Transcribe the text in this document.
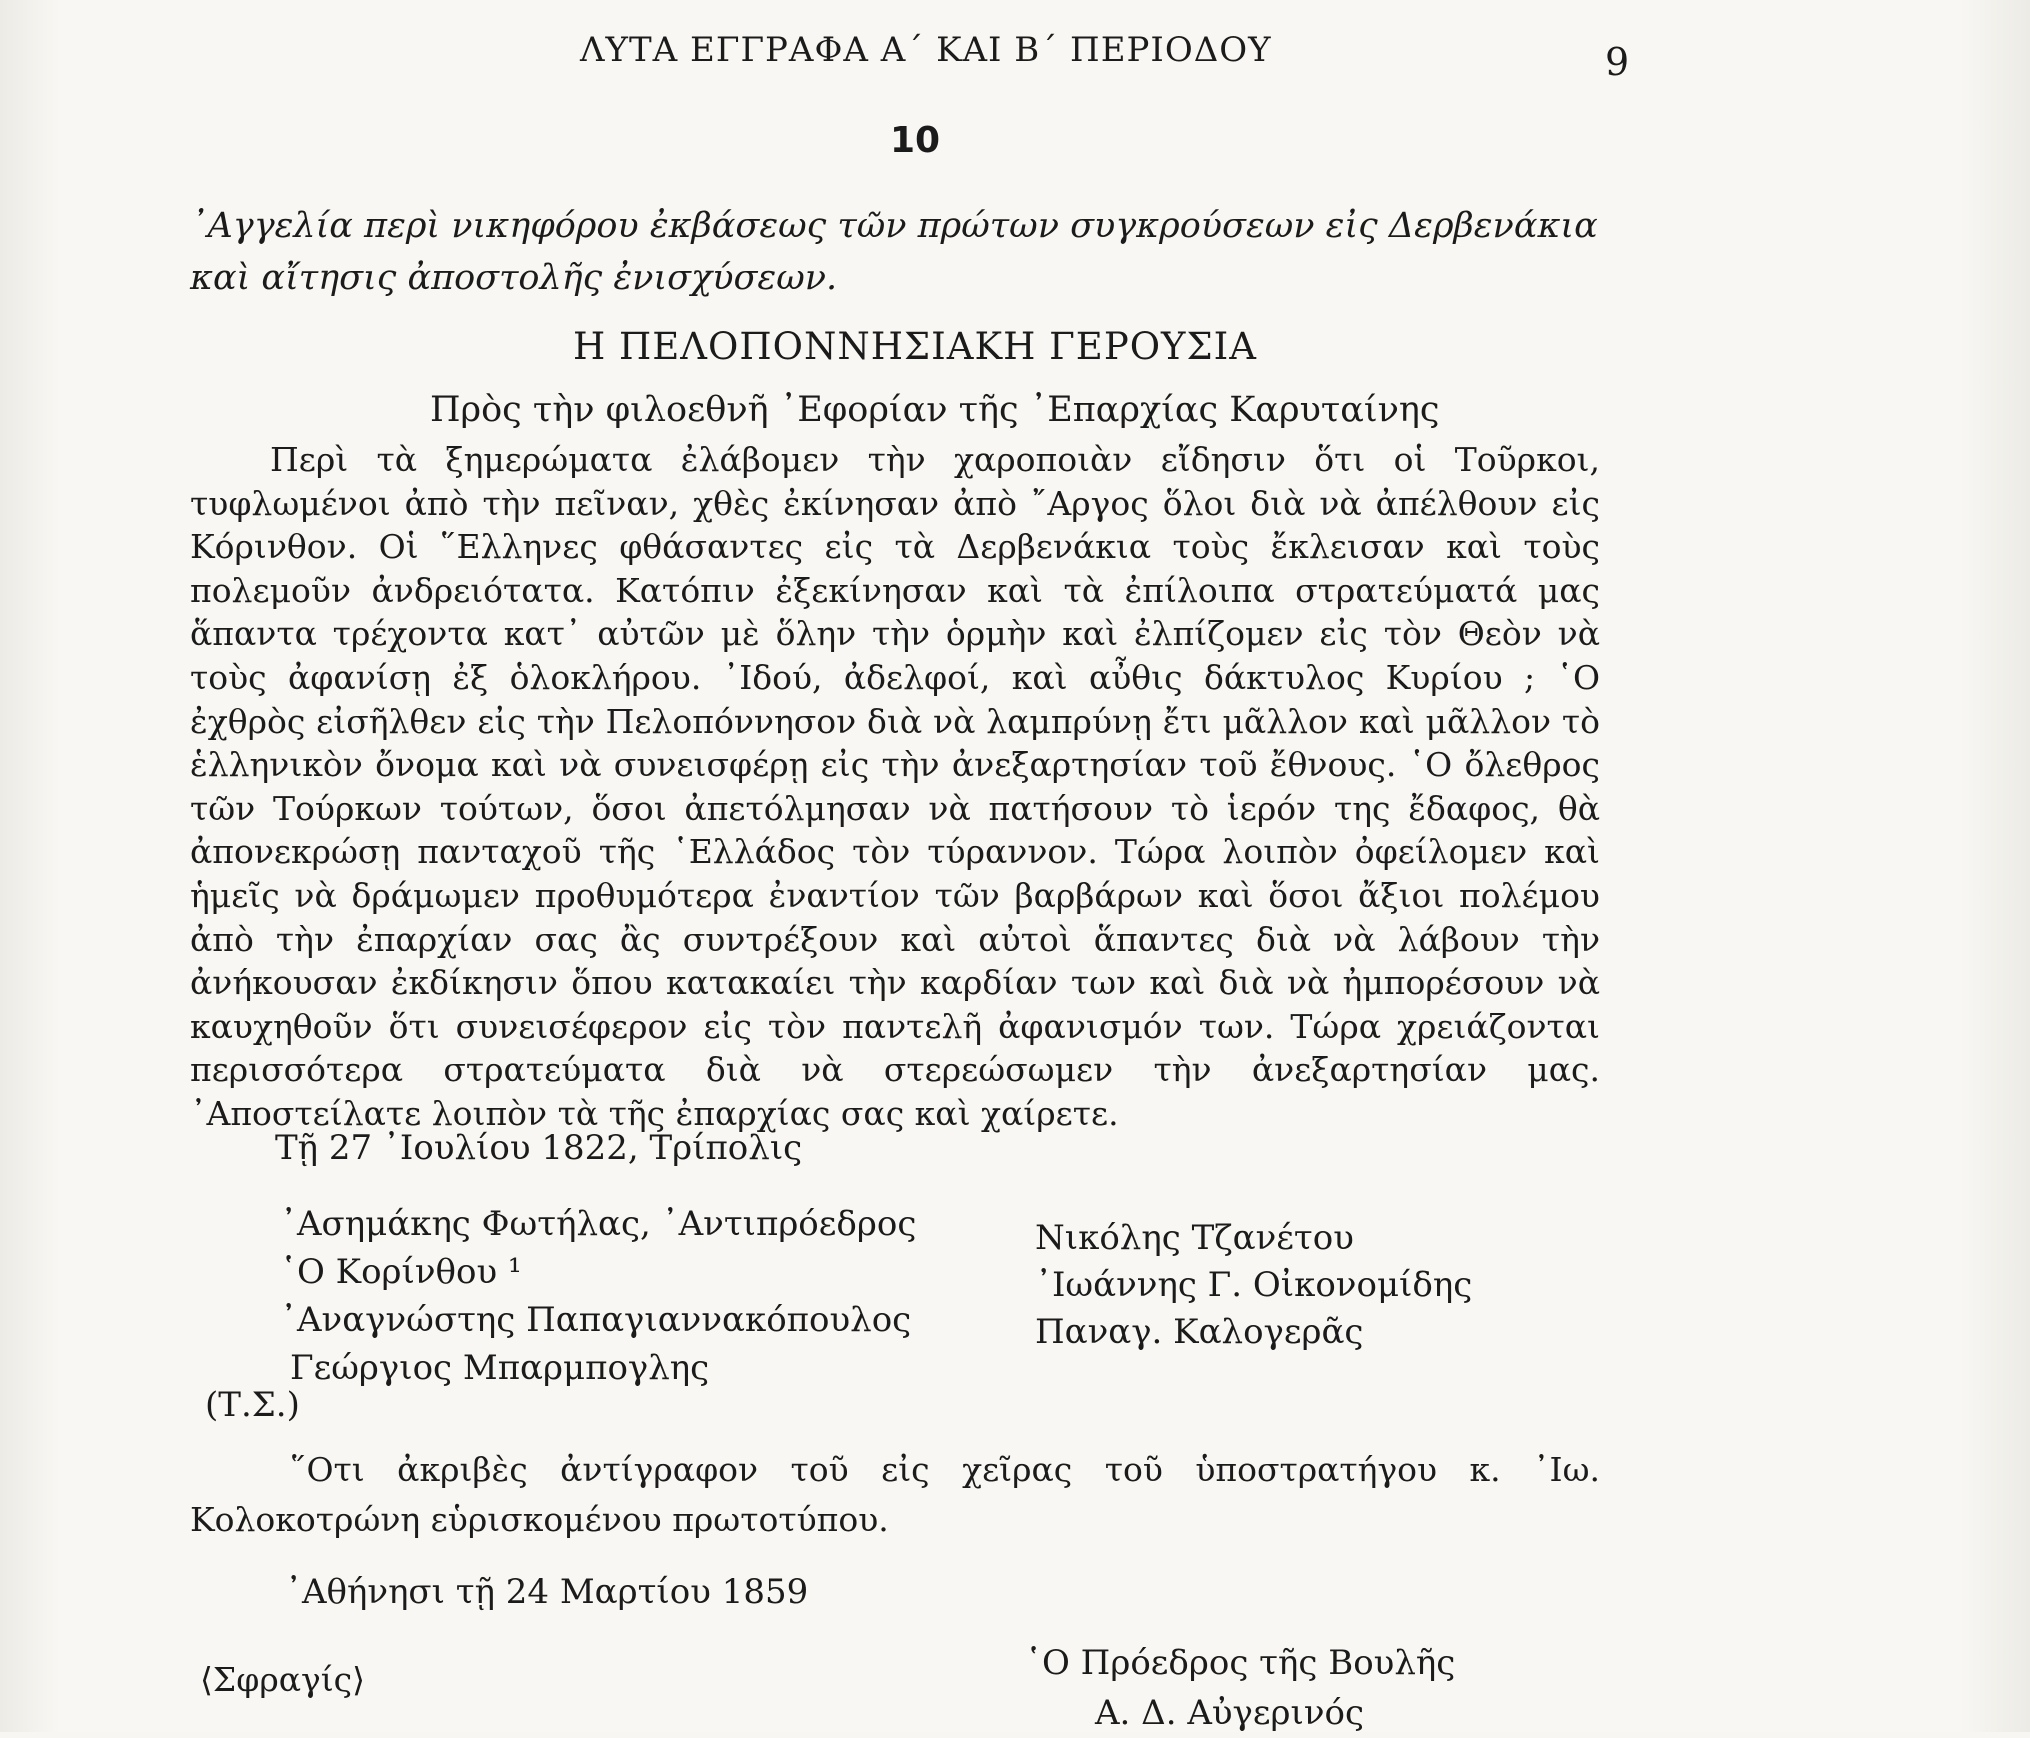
ΛΥΤΑ ΕΓΓΡΑΦΑ Α΄ ΚΑΙ Β΄ ΠΕΡΙΟΔΟΥ	9
10
᾿Αγγελία περὶ νικηφόρου ἐκβάσεως τῶν πρώτων συγκρούσεων εἰς Δερβενάκια καὶ αἴτησις ἀποστολῆς ἐνισχύσεων.
Η ΠΕΛΟΠΟΝΝΗΣΙΑΚΗ ΓΕΡΟΥΣΙΑ
Πρὸς τὴν φιλοεθνῆ ᾿Εφορίαν τῆς ᾿Επαρχίας Καρυταίνης

Περὶ τὰ ξημερώματα ἐλάβομεν τὴν χαροποιὰν εἴδησιν ὅτι οἱ Τοῦρκοι, τυφλωμένοι ἀπὸ τὴν πεῖναν, χθὲς ἐκίνησαν ἀπὸ ῎Αργος ὅλοι διὰ νὰ ἀπέλθουν εἰς Κόρινθον. Οἱ ῞Ελληνες φθάσαντες εἰς τὰ Δερβενάκια τοὺς ἔκλεισαν καὶ τοὺς πολεμοῦν ἀνδρειότατα. Κατόπιν ἐξεκίνησαν καὶ τὰ ἐπίλοιπα στρατεύματά μας ἅπαντα τρέχοντα κατ᾿ αὐτῶν μὲ ὅλην τὴν ὁρμὴν καὶ ἐλπίζομεν εἰς τὸν Θεὸν νὰ τοὺς ἀφανίσῃ ἐξ ὁλοκλήρου. ᾿Ιδού, ἀδελφοί, καὶ αὖθις δάκτυλος Κυρίου ; ῾Ο ἐχθρὸς εἰσῆλθεν εἰς τὴν Πελοπόννησον διὰ νὰ λαμπρύνῃ ἔτι μᾶλλον καὶ μᾶλλον τὸ ἑλληνικὸν ὄνομα καὶ νὰ συνεισφέρῃ εἰς τὴν ἀνεξαρτησίαν τοῦ ἔθνους. ῾Ο ὄλεθρος τῶν Τούρκων τούτων, ὅσοι ἀπετόλμησαν νὰ πατήσουν τὸ ἱερόν της ἔδαφος, θὰ ἀπονεκρώσῃ πανταχοῦ τῆς ῾Ελλάδος τὸν τύραννον. Τώρα λοιπὸν ὀφείλομεν καὶ ἡμεῖς νὰ δράμωμεν προθυμότερα ἐναντίον τῶν βαρβάρων καὶ ὅσοι ἄξιοι πολέμου ἀπὸ τὴν ἐπαρχίαν σας ἂς συντρέξουν καὶ αὐτοὶ ἅπαντες διὰ νὰ λάβουν τὴν ἀνήκουσαν ἐκδίκησιν ὅπου κατακαίει τὴν καρδίαν των καὶ διὰ νὰ ἠμπορέσουν νὰ καυχηθοῦν ὅτι συνεισέφερον εἰς τὸν παντελῆ ἀφανισμόν των. Τώρα χρειάζονται περισσότερα στρατεύματα διὰ νὰ στερεώσωμεν τὴν ἀνεξαρτησίαν μας. ᾿Αποστείλατε λοιπὸν τὰ τῆς ἐπαρχίας σας καὶ χαίρετε.

Τῇ 27 ᾿Ιουλίου 1822, Τρίπολις
᾿Ασημάκης Φωτήλας, ᾿Αντιπρόεδρος
῾Ο Κορίνθου ¹
᾿Αναγνώστης Παπαγιαννακόπουλος
Γεώργιος Μπαρμπογλης
Νικόλης Τζανέτου
᾿Ιωάννης Γ. Οἰκονομίδης
Παναγ. Καλογερᾶς
(Τ.Σ.)

῞Οτι ἀκριβὲς ἀντίγραφον τοῦ εἰς χεῖρας τοῦ ὑποστρατήγου κ. ᾿Ιω. Κολοκοτρώνη εὑρισκομένου πρωτοτύπου.

᾿Αθήνησι τῇ 24 Μαρτίου 1859
⟨Σφραγίς⟩	῾Ο Πρόεδρος τῆς Βουλῆς
Α. Δ. Αὐγερινός
